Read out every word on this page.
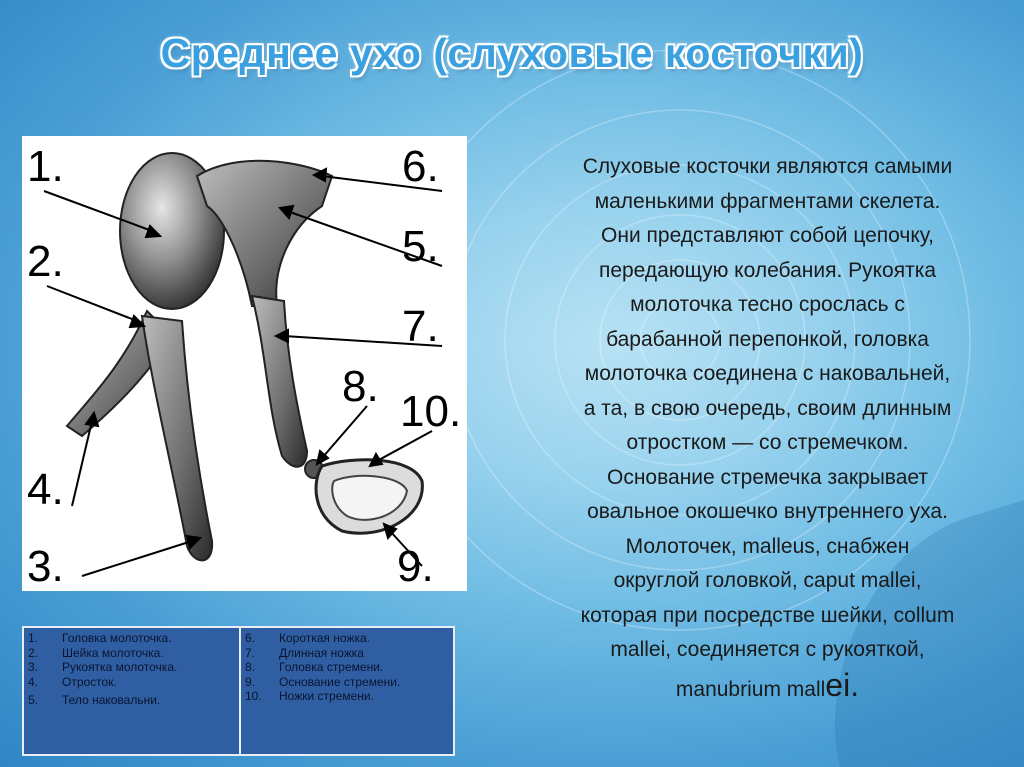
Среднее ухо (слуховые косточки)
1.
2.
3.
4.
5.
6.
7.
8.
9.
10.
Слуховые косточки являются самыми
маленькими фрагментами скелета.
Они представляют собой цепочку,
передающую колебания. Рукоятка
молоточка тесно срослась с
барабанной перепонкой, головка
молоточка соединена с наковальней,
а та, в свою очередь, своим длинным
отростком — со стремечком.
Основание стремечка закрывает
овальное окошечко внутреннего уха.
Молоточек, malleus, снабжен
округлой головкой, caput mallei,
которая при посредстве шейки, collum
mallei, соединяется с рукояткой,
manubrium mallei.
1.	Головка молоточка.
2.	Шейка молоточка.
3.	Рукоятка молоточка.
4.	Отросток.
5.	Тело наковальни.
6.	Короткая ножка.
7.	Длинная ножка
8.	Головка стремени.
9.	Основание стремени.
10.	Ножки стремени.
